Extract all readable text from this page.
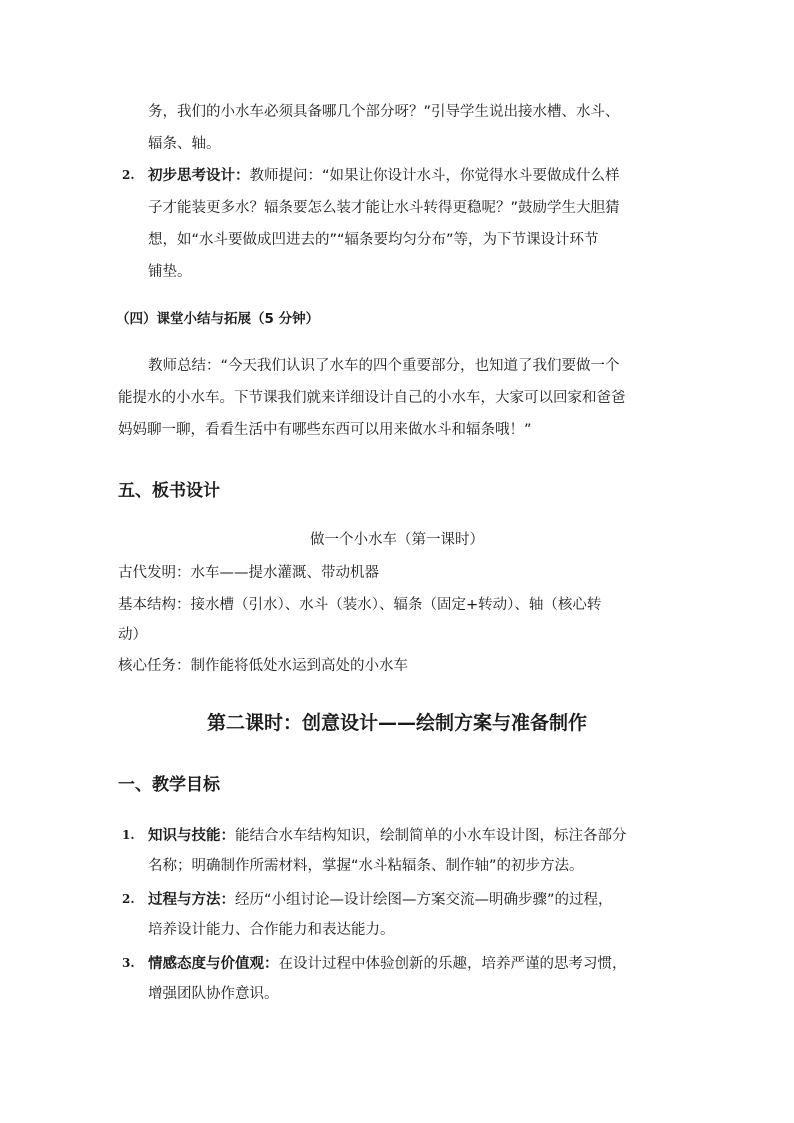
务，我们的小水车必须具备哪几个部分呀？”引导学生说出接水槽、水斗、
辐条、轴。
2. 初步思考设计：教师提问：“如果让你设计水斗，你觉得水斗要做成什么样
子才能装更多水？辐条要怎么装才能让水斗转得更稳呢？”鼓励学生大胆猜
想，如“水斗要做成凹进去的”“辐条要均匀分布”等，为下节课设计环节
铺垫。
（四）课堂小结与拓展（5 分钟）
教师总结：“今天我们认识了水车的四个重要部分，也知道了我们要做一个
能提水的小水车。下节课我们就来详细设计自己的小水车，大家可以回家和爸爸
妈妈聊一聊，看看生活中有哪些东西可以用来做水斗和辐条哦！”
五、板书设计
做一个小水车（第一课时）
古代发明：水车——提水灌溉、带动机器
基本结构：接水槽（引水）、水斗（装水）、辐条（固定+转动）、轴（核心转
动）
核心任务：制作能将低处水运到高处的小水车
第二课时：创意设计——绘制方案与准备制作
一、教学目标
1. 知识与技能：能结合水车结构知识，绘制简单的小水车设计图，标注各部分
名称；明确制作所需材料，掌握“水斗粘辐条、制作轴”的初步方法。
2. 过程与方法：经历“小组讨论—设计绘图—方案交流—明确步骤”的过程，
培养设计能力、合作能力和表达能力。
3. 情感态度与价值观：在设计过程中体验创新的乐趣，培养严谨的思考习惯，
增强团队协作意识。
